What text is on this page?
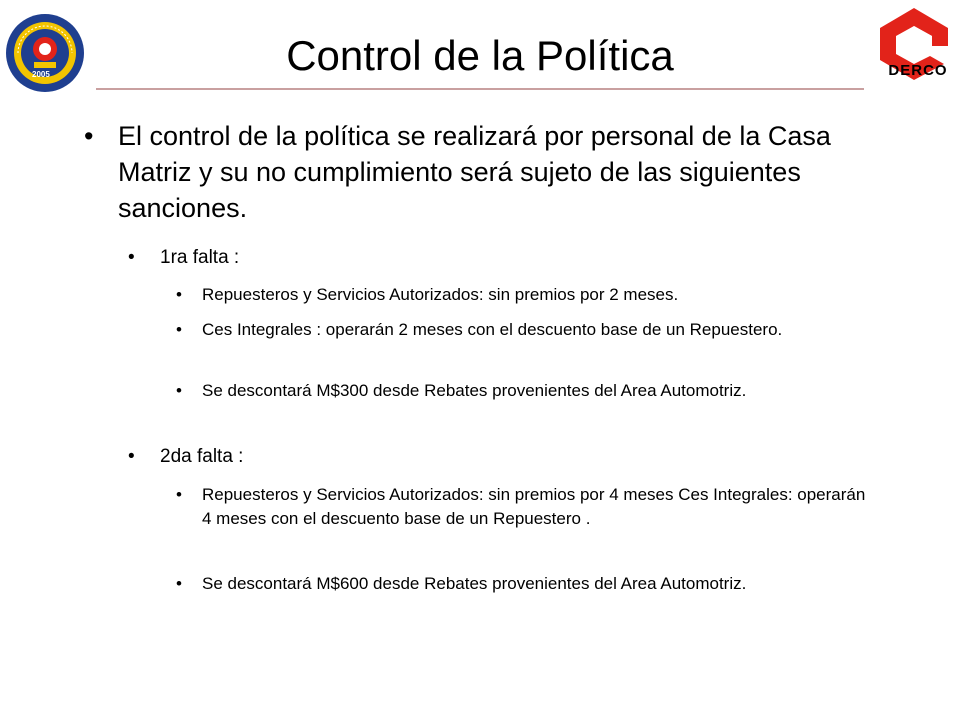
2005	DERCO
Control de la Política
• El control de la política se realizará por personal de la Casa Matriz y su no cumplimiento será sujeto de las siguientes sanciones.
• 1ra falta :
• Repuesteros y Servicios Autorizados: sin premios por 2 meses.
• Ces Integrales : operarán 2 meses con el descuento base de un Repuestero.
• Se descontará M$300 desde Rebates provenientes del Area Automotriz.
• 2da falta :
• Repuesteros y Servicios Autorizados: sin premios por 4 meses Ces Integrales: operarán 4 meses con el descuento base de un Repuestero .
• Se descontará M$600 desde Rebates provenientes del Area Automotriz.
